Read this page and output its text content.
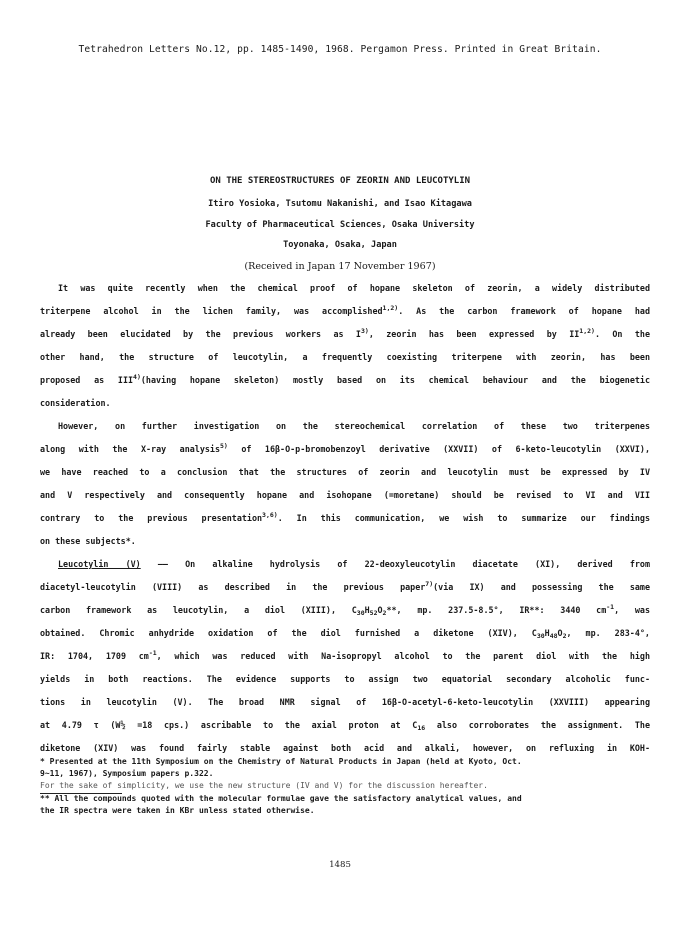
Tetrahedron Letters No.12, pp. 1485-1490, 1968. Pergamon Press. Printed in Great Britain.
ON THE STEREOSTRUCTURES OF ZEORIN AND LEUCOTYLIN
Itiro Yosioka, Tsutomu Nakanishi, and Isao Kitagawa
Faculty of Pharmaceutical Sciences, Osaka University
Toyonaka, Osaka, Japan
(Received in Japan 17 November 1967)
It was quite recently when the chemical proof of hopane skeleton of zeorin, a widely distributed
triterpene alcohol in the lichen family, was accomplished$^{1,2)}$. As the carbon framework of hopane had
already been elucidated by the previous workers as $I^{3)}$, zeorin has been expressed by II$^{1,2)}$. On the
other hand, the structure of leucotylin, a frequently coexisting triterpene with zeorin, has been
proposed as III$^{4)}$(having hopane skeleton) mostly based on its chemical behaviour and the biogenetic
consideration.
However, on further investigation on the stereochemical correlation of these two triterpenes
along with the X-ray analysis$^{5)}$ of 16β-O-p-bromobenzoyl derivative (XXVII) of 6-keto-leucotylin (XXVI),
we have reached to a conclusion that the structures of zeorin and leucotylin must be expressed by IV
and V respectively and consequently hopane and isohopane (=moretane) should be revised to VI and VII
contrary to the previous presentation$^{3,6)}$. In this communication, we wish to summarize our findings
on these subjects*.
Leucotylin (V) —— On alkaline hydrolysis of 22-deoxyleucotylin diacetate (XI), derived from
diacetyl-leucotylin (VIII) as described in the previous paper$^{7)}$(via IX) and possessing the same
carbon framework as leucotylin, a diol (XIII), $C_{30}H_{52}O_2**$, mp. 237.5-8.5°, IR**: 3440 $cm^{-1}$, was
obtained. Chromic anhydride oxidation of the diol furnished a diketone (XIV), $C_{30}H_{48}O_2$, mp. 283-4°,
IR: 1704, 1709 $cm^{-1}$, which was reduced with Na-isopropyl alcohol to the parent diol with the high
yields in both reactions. The evidence supports to assign two equatorial secondary alcoholic func-
tions in leucotylin (V). The broad NMR signal of 16β-O-acetyl-6-keto-leucotylin (XXVIII) appearing
at 4.79 τ (W½ =18 cps.) ascribable to the axial proton at $C_{16}$ also corroborates the assignment. The
diketone (XIV) was found fairly stable against both acid and alkali, however, on refluxing in KOH-
* Presented at the 11th Symposium on the Chemistry of Natural Products in Japan (held at Kyoto, Oct.
9~11, 1967), Symposium papers p.322.
For the sake of simplicity, we use the new structure (IV and V) for the discussion hereafter.
** All the compounds quoted with the molecular formulae gave the satisfactory analytical values, and
the IR spectra were taken in KBr unless stated otherwise.
1485
